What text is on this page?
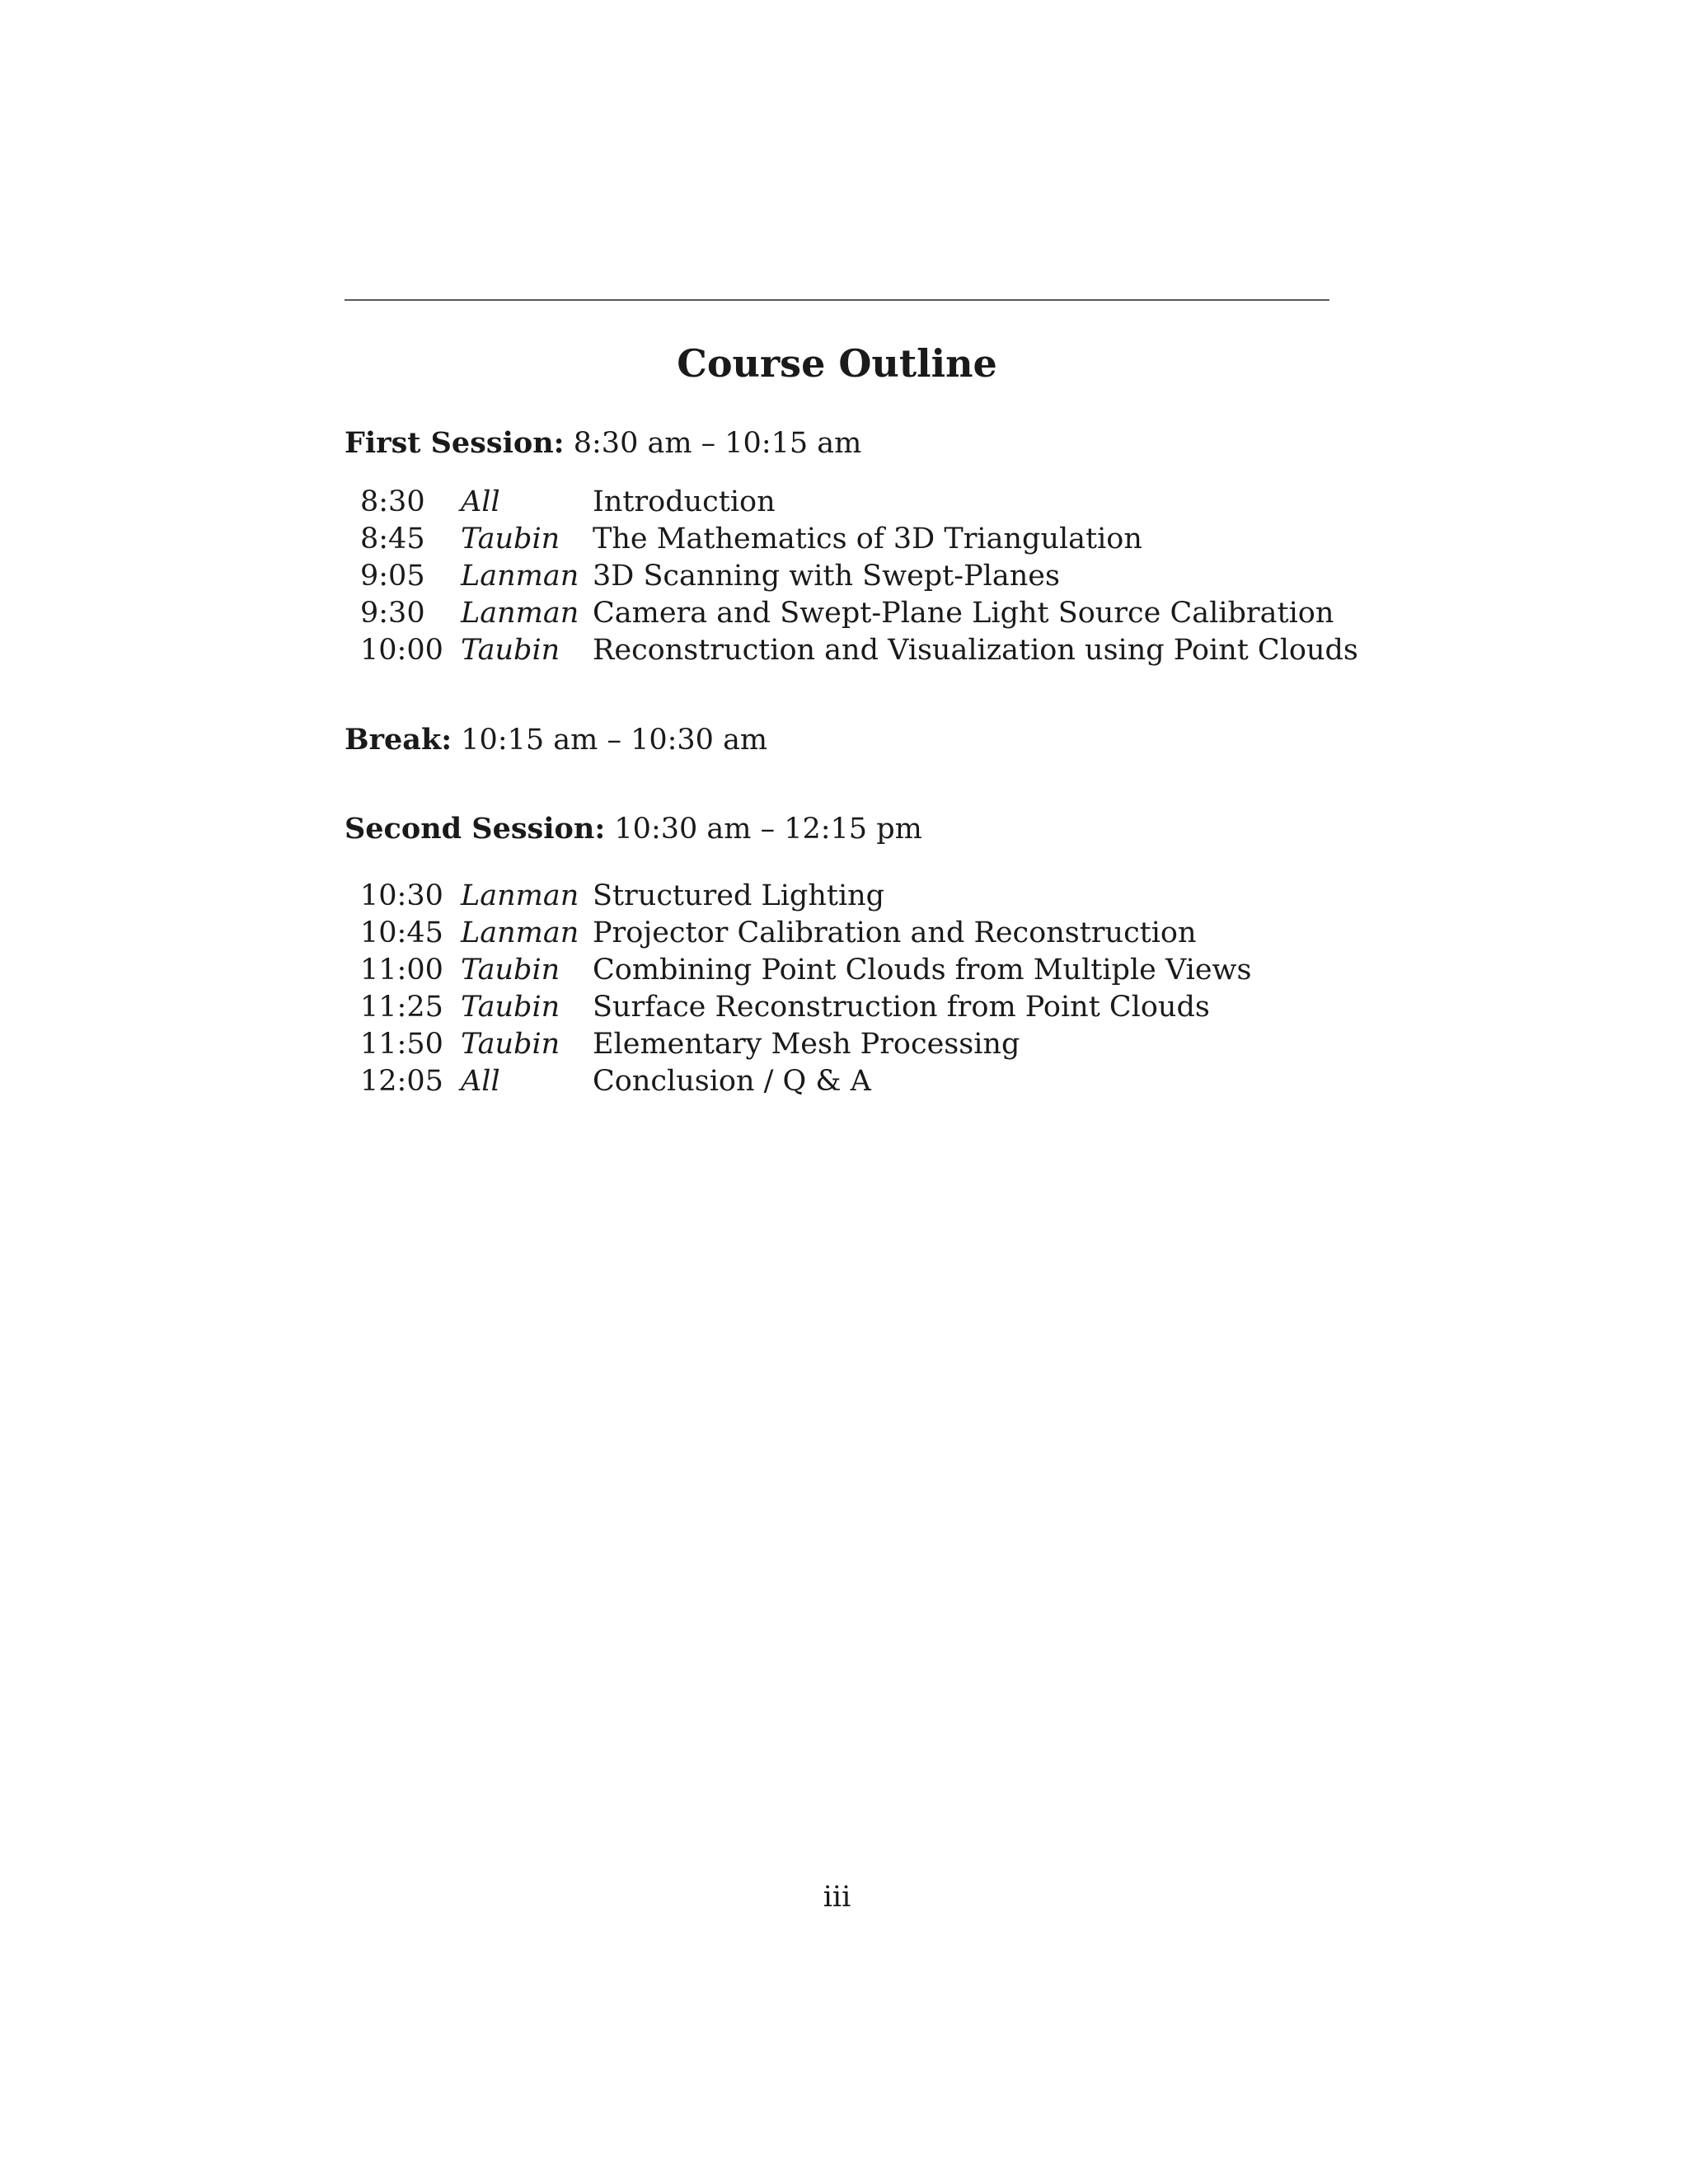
Course Outline
First Session: 8:30 am – 10:15 am
8:30 All	Introduction
8:45 Taubin The Mathematics of 3D Triangulation
9:05 Lanman 3D Scanning with Swept-Planes
9:30 Lanman Camera and Swept-Plane Light Source Calibration
10:00 Taubin Reconstruction and Visualization using Point Clouds
Break: 10:15 am – 10:30 am
Second Session: 10:30 am – 12:15 pm
10:30 Lanman Structured Lighting
10:45 Lanman Projector Calibration and Reconstruction
11:00 Taubin Combining Point Clouds from Multiple Views
11:25 Taubin Surface Reconstruction from Point Clouds
11:50 Taubin Elementary Mesh Processing
12:05 All	Conclusion / Q & A
iii
